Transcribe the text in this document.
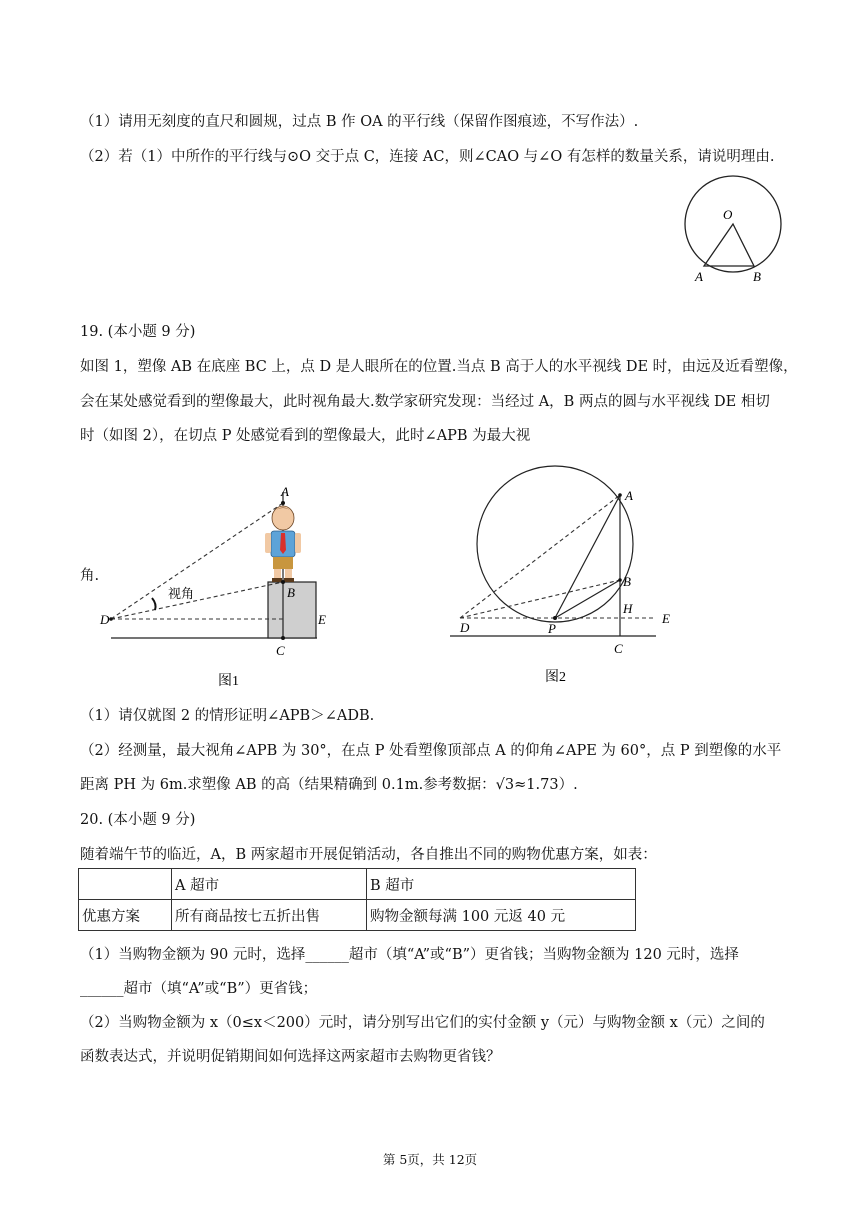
（1）请用无刻度的直尺和圆规，过点 B 作 OA 的平行线（保留作图痕迹，不写作法）.
（2）若（1）中所作的平行线与⊙O 交于点 C，连接 AC，则∠CAO 与∠O 有怎样的数量关系，请说明理由.
O
A	B
19. (本小题 9 分)
如图 1，塑像 AB 在底座 BC 上，点 D 是人眼所在的位置.当点 B 高于人的水平视线 DE 时，由远及近看塑像，
会在某处感觉看到的塑像最大，此时视角最大.数学家研究发现：当经过 A，B 两点的圆与水平视线 DE 相切
时（如图 2），在切点 P 处感觉看到的塑像最大，此时∠APB 为最大视
角.
视角
A
B
C
D	E
图1
A
B
H
C
D	P
E
图2
（1）请仅就图 2 的情形证明∠APB＞∠ADB.
（2）经测量，最大视角∠APB 为 30°，在点 P 处看塑像顶部点 A 的仰角∠APE 为 60°，点 P 到塑像的水平
距离 PH 为 6m.求塑像 AB 的高（结果精确到 0.1m.参考数据：√3≈1.73）.
20. (本小题 9 分)
随着端午节的临近，A，B 两家超市开展促销活动，各自推出不同的购物优惠方案，如表：
	A 超市	B 超市
优惠方案	所有商品按七五折出售	购物金额每满 100 元返 40 元
（1）当购物金额为 90 元时，选择______超市（填“A”或“B”）更省钱；当购物金额为 120 元时，选择
______超市（填“A”或“B”）更省钱；
（2）当购物金额为 x（0≤x＜200）元时，请分别写出它们的实付金额 y（元）与购物金额 x（元）之间的
函数表达式，并说明促销期间如何选择这两家超市去购物更省钱？
第 5页，共 12页
